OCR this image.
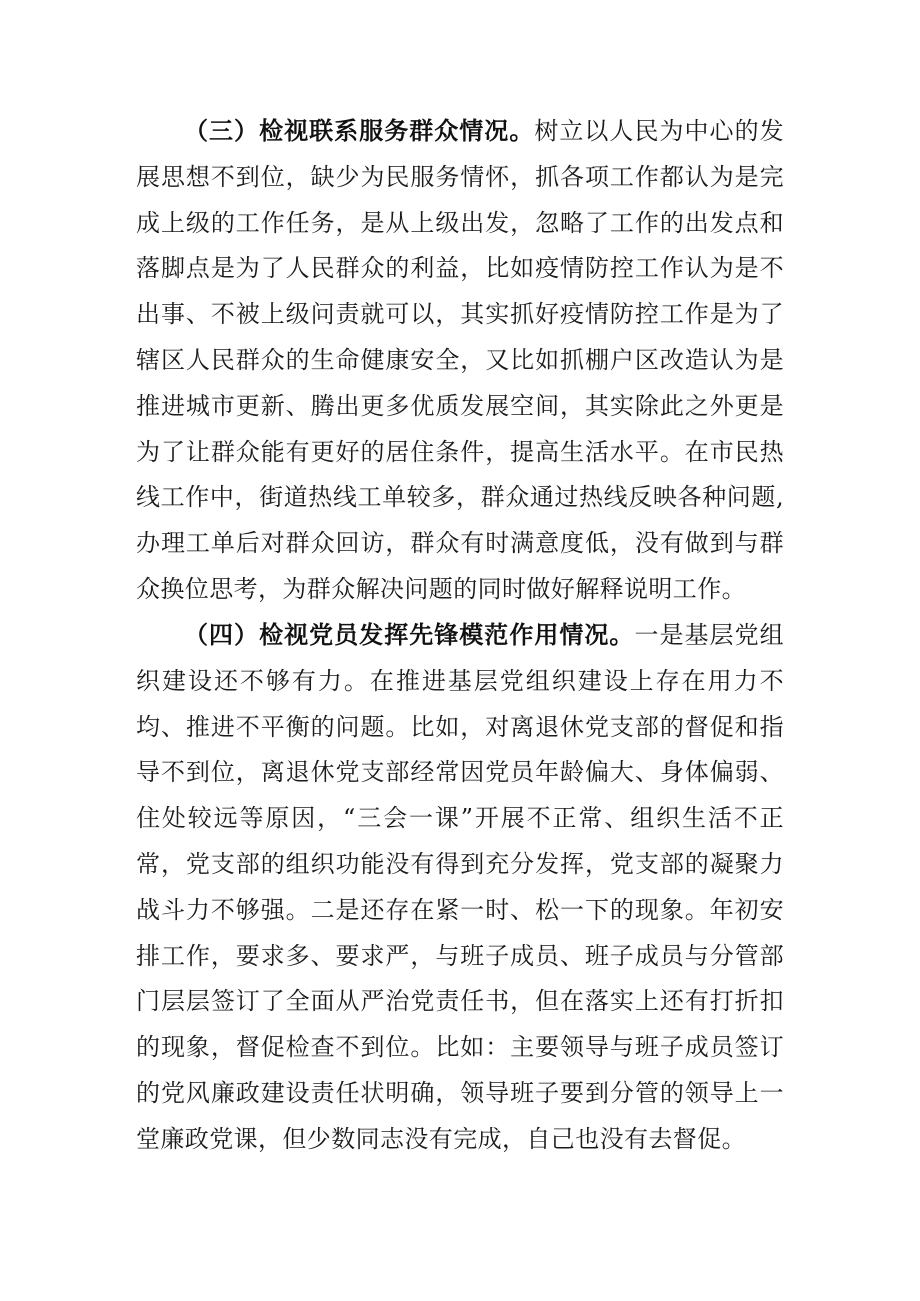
（三）检视联系服务群众情况。树立以人民为中心的发展思想不到位，缺少为民服务情怀，抓各项工作都认为是完成上级的工作任务，是从上级出发，忽略了工作的出发点和落脚点是为了人民群众的利益，比如疫情防控工作认为是不出事、不被上级问责就可以，其实抓好疫情防控工作是为了辖区人民群众的生命健康安全，又比如抓棚户区改造认为是推进城市更新、腾出更多优质发展空间，其实除此之外更是为了让群众能有更好的居住条件，提高生活水平。在市民热线工作中，街道热线工单较多，群众通过热线反映各种问题,办理工单后对群众回访，群众有时满意度低，没有做到与群众换位思考，为群众解决问题的同时做好解释说明工作。

（四）检视党员发挥先锋模范作用情况。一是基层党组织建设还不够有力。在推进基层党组织建设上存在用力不均、推进不平衡的问题。比如，对离退休党支部的督促和指导不到位，离退休党支部经常因党员年龄偏大、身体偏弱、住处较远等原因，“三会一课”开展不正常、组织生活不正常，党支部的组织功能没有得到充分发挥，党支部的凝聚力战斗力不够强。二是还存在紧一时、松一下的现象。年初安排工作，要求多、要求严，与班子成员、班子成员与分管部门层层签订了全面从严治党责任书，但在落实上还有打折扣的现象，督促检查不到位。比如：主要领导与班子成员签订的党风廉政建设责任状明确，领导班子要到分管的领导上一堂廉政党课，但少数同志没有完成，自己也没有去督促。
